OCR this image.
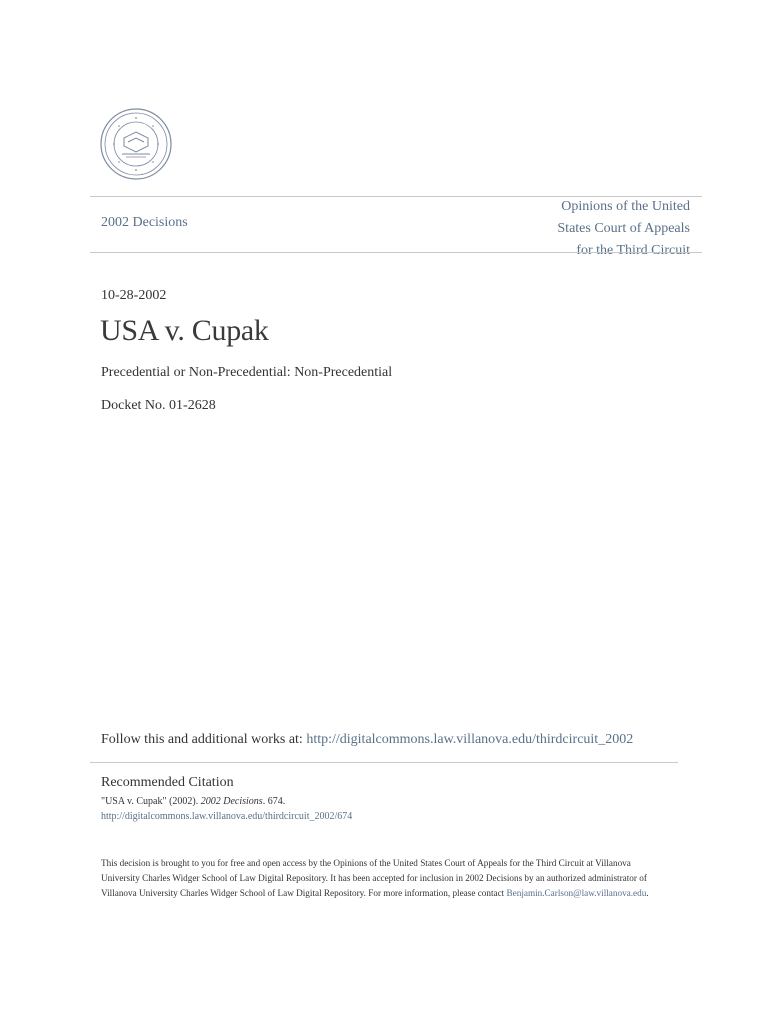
2002 Decisions
Opinions of the United
States Court of Appeals
for the Third Circuit
10-28-2002
USA v. Cupak
Precedential or Non-Precedential: Non-Precedential
Docket No. 01-2628
Follow this and additional works at: http://digitalcommons.law.villanova.edu/thirdcircuit_2002
Recommended Citation
"USA v. Cupak" (2002). 2002 Decisions. 674.
http://digitalcommons.law.villanova.edu/thirdcircuit_2002/674

This decision is brought to you for free and open access by the Opinions of the United States Court of Appeals for the Third Circuit at Villanova

University Charles Widger School of Law Digital Repository. It has been accepted for inclusion in 2002 Decisions by an authorized administrator of

Villanova University Charles Widger School of Law Digital Repository. For more information, please contact Benjamin.Carlson@law.villanova.edu.
